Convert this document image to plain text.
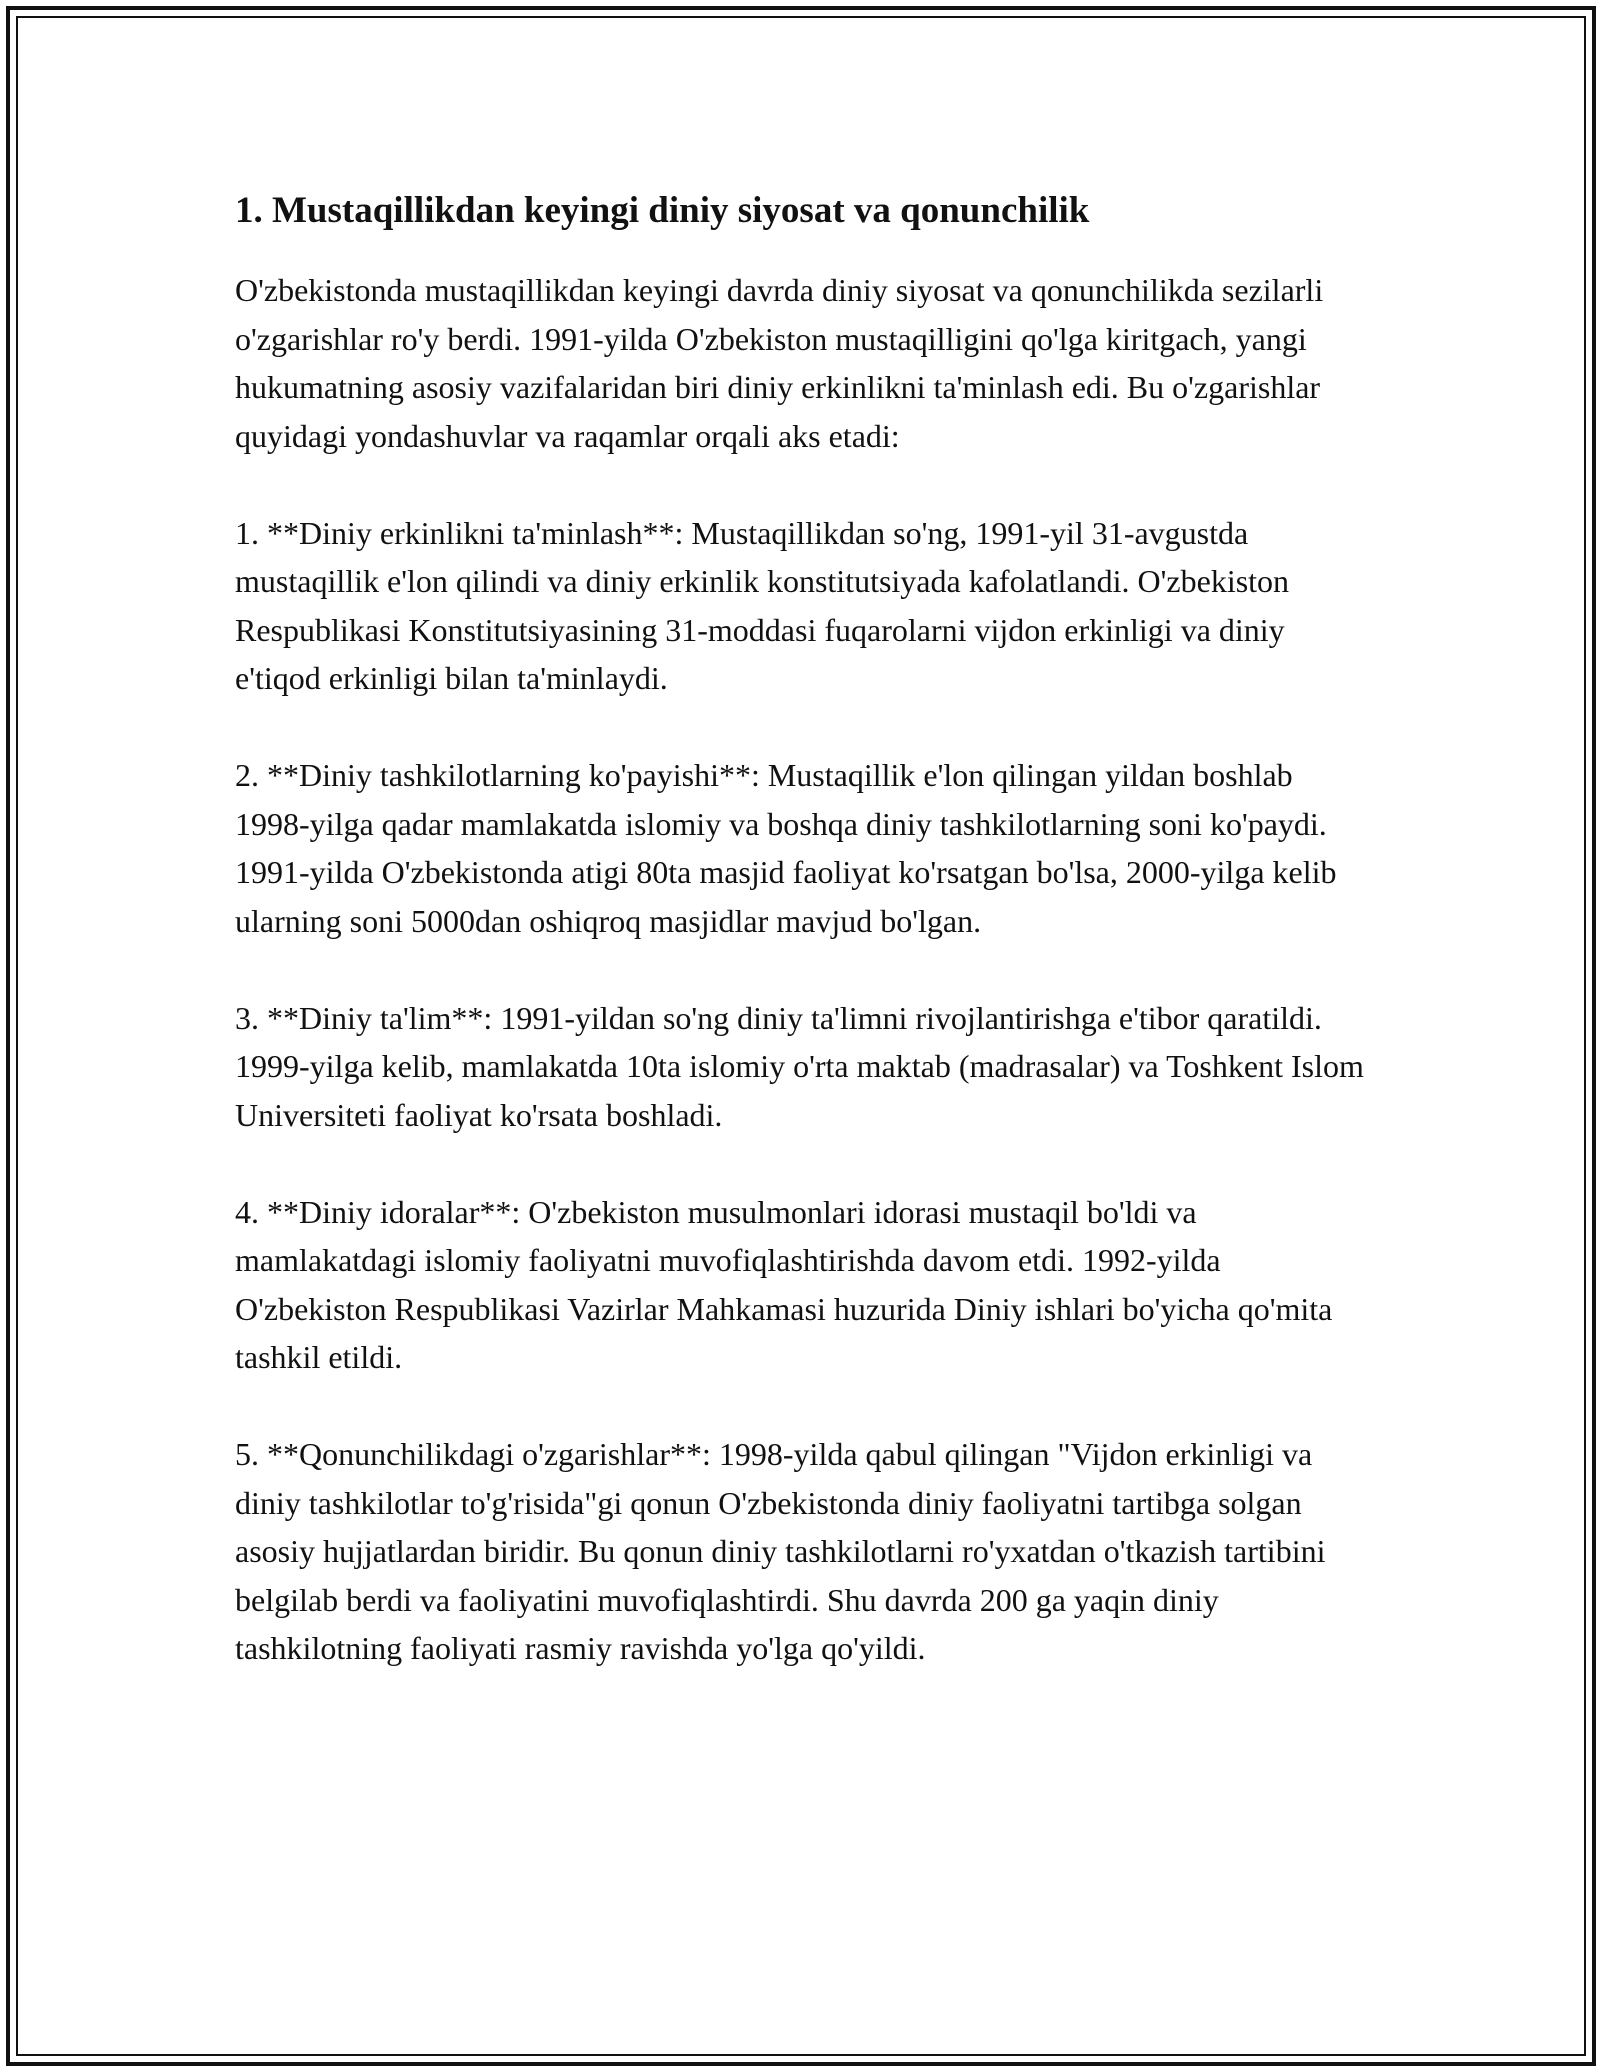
1. Mustaqillikdan keyingi diniy siyosat va qonunchilik

O'zbekistonda mustaqillikdan keyingi davrda diniy siyosat va qonunchilikda sezilarli o'zgarishlar ro'y berdi. 1991-yilda O'zbekiston mustaqilligini qo'lga kiritgach, yangi hukumatning asosiy vazifalaridan biri diniy erkinlikni ta'minlash edi. Bu o'zgarishlar quyidagi yondashuvlar va raqamlar orqali aks etadi:

1. **Diniy erkinlikni ta'minlash**: Mustaqillikdan so'ng, 1991-yil 31-avgustda mustaqillik e'lon qilindi va diniy erkinlik konstitutsiyada kafolatlandi. O'zbekiston Respublikasi Konstitutsiyasining 31-moddasi fuqarolarni vijdon erkinligi va diniy e'tiqod erkinligi bilan ta'minlaydi.

2. **Diniy tashkilotlarning ko'payishi**: Mustaqillik e'lon qilingan yildan boshlab 1998-yilga qadar mamlakatda islomiy va boshqa diniy tashkilotlarning soni ko'paydi. 1991-yilda O'zbekistonda atigi 80ta masjid faoliyat ko'rsatgan bo'lsa, 2000-yilga kelib ularning soni 5000dan oshiqroq masjidlar mavjud bo'lgan.

3. **Diniy ta'lim**: 1991-yildan so'ng diniy ta'limni rivojlantirishga e'tibor qaratildi. 1999-yilga kelib, mamlakatda 10ta islomiy o'rta maktab (madrasalar) va Toshkent Islom Universiteti faoliyat ko'rsata boshladi.

4. **Diniy idoralar**: O'zbekiston musulmonlari idorasi mustaqil bo'ldi va mamlakatdagi islomiy faoliyatni muvofiqlashtirishda davom etdi. 1992-yilda O'zbekiston Respublikasi Vazirlar Mahkamasi huzurida Diniy ishlari bo'yicha qo'mita tashkil etildi.

5. **Qonunchilikdagi o'zgarishlar**: 1998-yilda qabul qilingan "Vijdon erkinligi va diniy tashkilotlar to'g'risida"gi qonun O'zbekistonda diniy faoliyatni tartibga solgan asosiy hujjatlardan biridir. Bu qonun diniy tashkilotlarni ro'yxatdan o'tkazish tartibini belgilab berdi va faoliyatini muvofiqlashtirdi. Shu davrda 200 ga yaqin diniy tashkilotning faoliyati rasmiy ravishda yo'lga qo'yildi.
